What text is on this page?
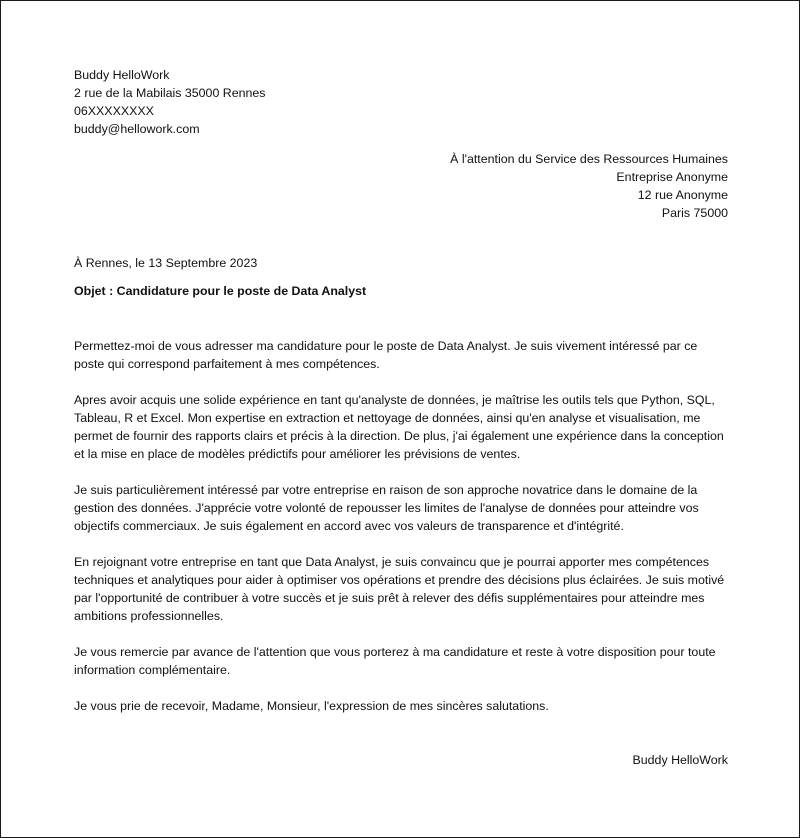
Buddy HelloWork
2 rue de la Mabilais 35000 Rennes
06XXXXXXXX
buddy@hellowork.com
À l'attention du Service des Ressources Humaines
Entreprise Anonyme
12 rue Anonyme
Paris 75000
À Rennes, le 13 Septembre 2023
Objet : Candidature pour le poste de Data Analyst

Permettez-moi de vous adresser ma candidature pour le poste de Data Analyst. Je suis vivement intéressé par ce poste qui correspond parfaitement à mes compétences.

Apres avoir acquis une solide expérience en tant qu'analyste de données, je maîtrise les outils tels que Python, SQL, Tableau, R et Excel. Mon expertise en extraction et nettoyage de données, ainsi qu'en analyse et visualisation, me permet de fournir des rapports clairs et précis à la direction. De plus, j'ai également une expérience dans la conception et la mise en place de modèles prédictifs pour améliorer les prévisions de ventes.

Je suis particulièrement intéressé par votre entreprise en raison de son approche novatrice dans le domaine de la gestion des données. J'apprécie votre volonté de repousser les limites de l'analyse de données pour atteindre vos objectifs commerciaux. Je suis également en accord avec vos valeurs de transparence et d'intégrité.

En rejoignant votre entreprise en tant que Data Analyst, je suis convaincu que je pourrai apporter mes compétences techniques et analytiques pour aider à optimiser vos opérations et prendre des décisions plus éclairées. Je suis motivé par l'opportunité de contribuer à votre succès et je suis prêt à relever des défis supplémentaires pour atteindre mes ambitions professionnelles.

Je vous remercie par avance de l'attention que vous porterez à ma candidature et reste à votre disposition pour toute information complémentaire.

Je vous prie de recevoir, Madame, Monsieur, l'expression de mes sincères salutations.

Buddy HelloWork
